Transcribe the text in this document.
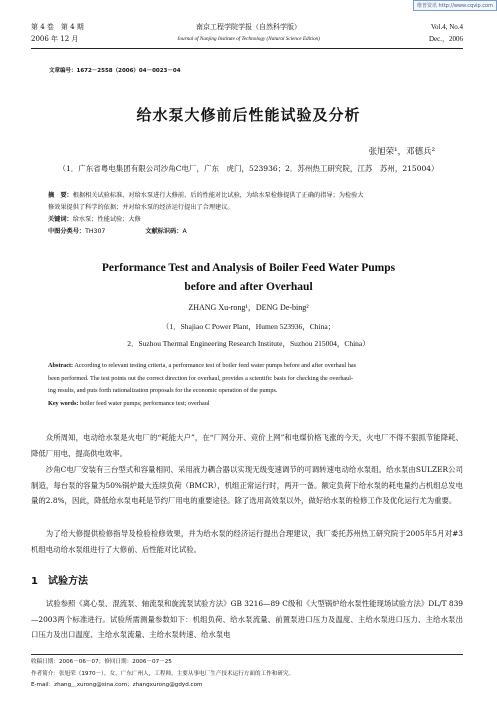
维普资讯 http://www.cqvip.com
第 4 卷　第 4 期
2006 年 12 月
南京工程学院学报（自然科学版）
Journal of Nanjing Institute of Technology (Natural Science Edition)
Vol.4, No.4
Dec.，2006
文章编号：1672－2558（2006）04－0023－04
给水泵大修前后性能试验及分析
张旭荣¹，邓德兵²
（1．广东省粤电集团有限公司沙角C电厂，广东　虎门，523936；2．苏州热工研究院，江苏　苏州，215004）
摘　要：根据相关试验标准，对给水泵进行大修前、后的性能对比试验，为给水泵检修提供了正确的指导；为检验大
修效果提供了科学的依据；并对给水泵的经济运行提出了合理建议。
关键词：给水泵；性能试验；大修
中图分类号：TH307	文献标识码：A
Performance Test and Analysis of Boiler Feed Water Pumps
before and after Overhaul
ZHANG Xu-rong¹，DENG De-bing²
（1．Shajiao C Power Plant，Humen 523936，China；
2．Suzhou Thermal Engineering Research Institute，Suzhou 215004，China）
Abstract: According to relevant testing criteria, a performance test of boiler feed water pumps before and after overhaul has
been performed. The test points out the correct direction for overhaul, provides a scientific basis for checking the overhaul-
ing results, and puts forth rationalization proposals for the economic operation of the pumps.
Key words: boiler feed water pumps; performance test; overhaul
众所周知，电动给水泵是火电厂的“耗能大户”，在“厂网分开、竞价上网”和电煤价格飞涨的今天，火电厂不得不狠抓节能降耗、降低厂用电、提高供电效率。
沙角C电厂安装有三台型式和容量相同、采用液力耦合器以实现无级变速调节的可调转速电动给水泵组。给水泵由SULZER公司制造，每台泵的容量为50%锅炉最大连续负荷（BMCR），机组正常运行时，两开一备。额定负荷下给水泵的耗电量约占机组总发电量的2.8%，因此，降低给水泵电耗是节约厂用电的重要途径。除了选用高效泵以外，做好给水泵的检修工作及优化运行尤为重要。
为了给大修提供检修指导及检验检修效果，并为给水泵的经济运行提出合理建议，我厂委托苏州热工研究院于2005年5月对#3机组电动给水泵组进行了大修前、后性能对比试验。
1　试验方法
试验参照《离心泵、混流泵、轴流泵和旋流泵试验方法》GB 3216—89 C级和《大型锅炉给水泵性能现场试验方法》DL/T 839—2003两个标准进行。试验所需测量参数如下：机组负荷、给水泵流量、前置泵进口压力及温度、主给水泵进口压力、主给水泵出口压力及出口温度、主给水泵流量、主给水泵转速、给水泵电
收稿日期：2006－06－07；修回日期：2006－07－25
作者简介：张旭荣（1970－），女，广东广州人，工程师，主要从事电厂生产技术运行方面的工作和研究。
E-mail：zhang＿xurong@sina.com；zhangxurong@gdyd.com
